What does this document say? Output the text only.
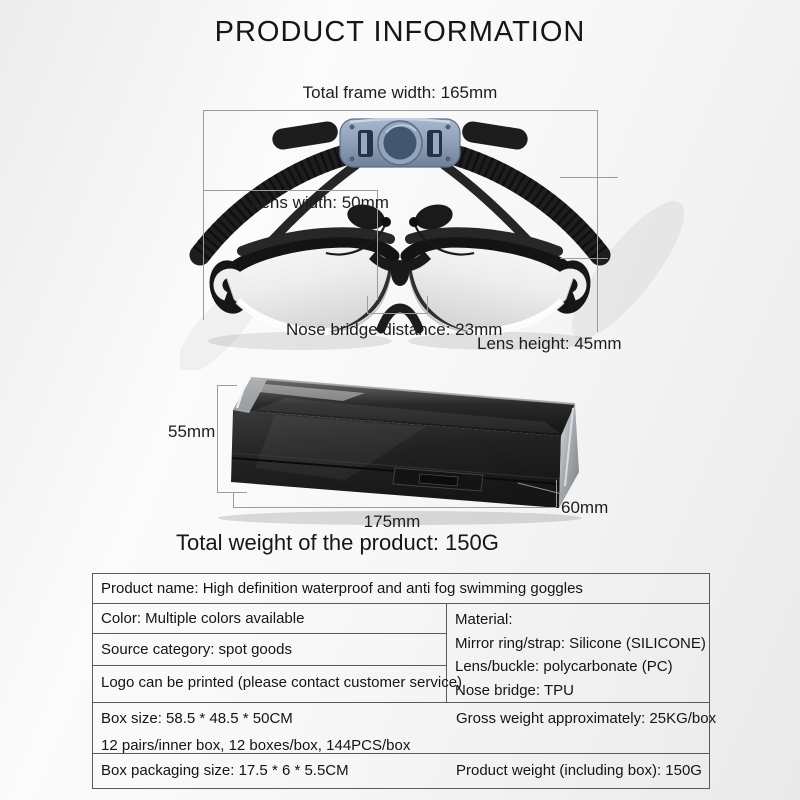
PRODUCT INFORMATION
Total frame width: 165mm
Lens width: 50mm
Nose bridge distance: 23mm
Lens height: 45mm
55mm
175mm
60mm
Total weight of the product: 150G
Product name: High definition waterproof and anti fog swimming goggles
Color: Multiple colors available
Source category: spot goods
Logo can be printed (please contact customer service)
Material:
Mirror ring/strap: Silicone (SILICONE)
Lens/buckle: polycarbonate (PC)
Nose bridge: TPU
Box size: 58.5 * 48.5 * 50CM
12 pairs/inner box, 12 boxes/box, 144PCS/box
Gross weight approximately: 25KG/box
Box packaging size: 17.5 * 6 * 5.5CM	Product weight (including box): 150G
